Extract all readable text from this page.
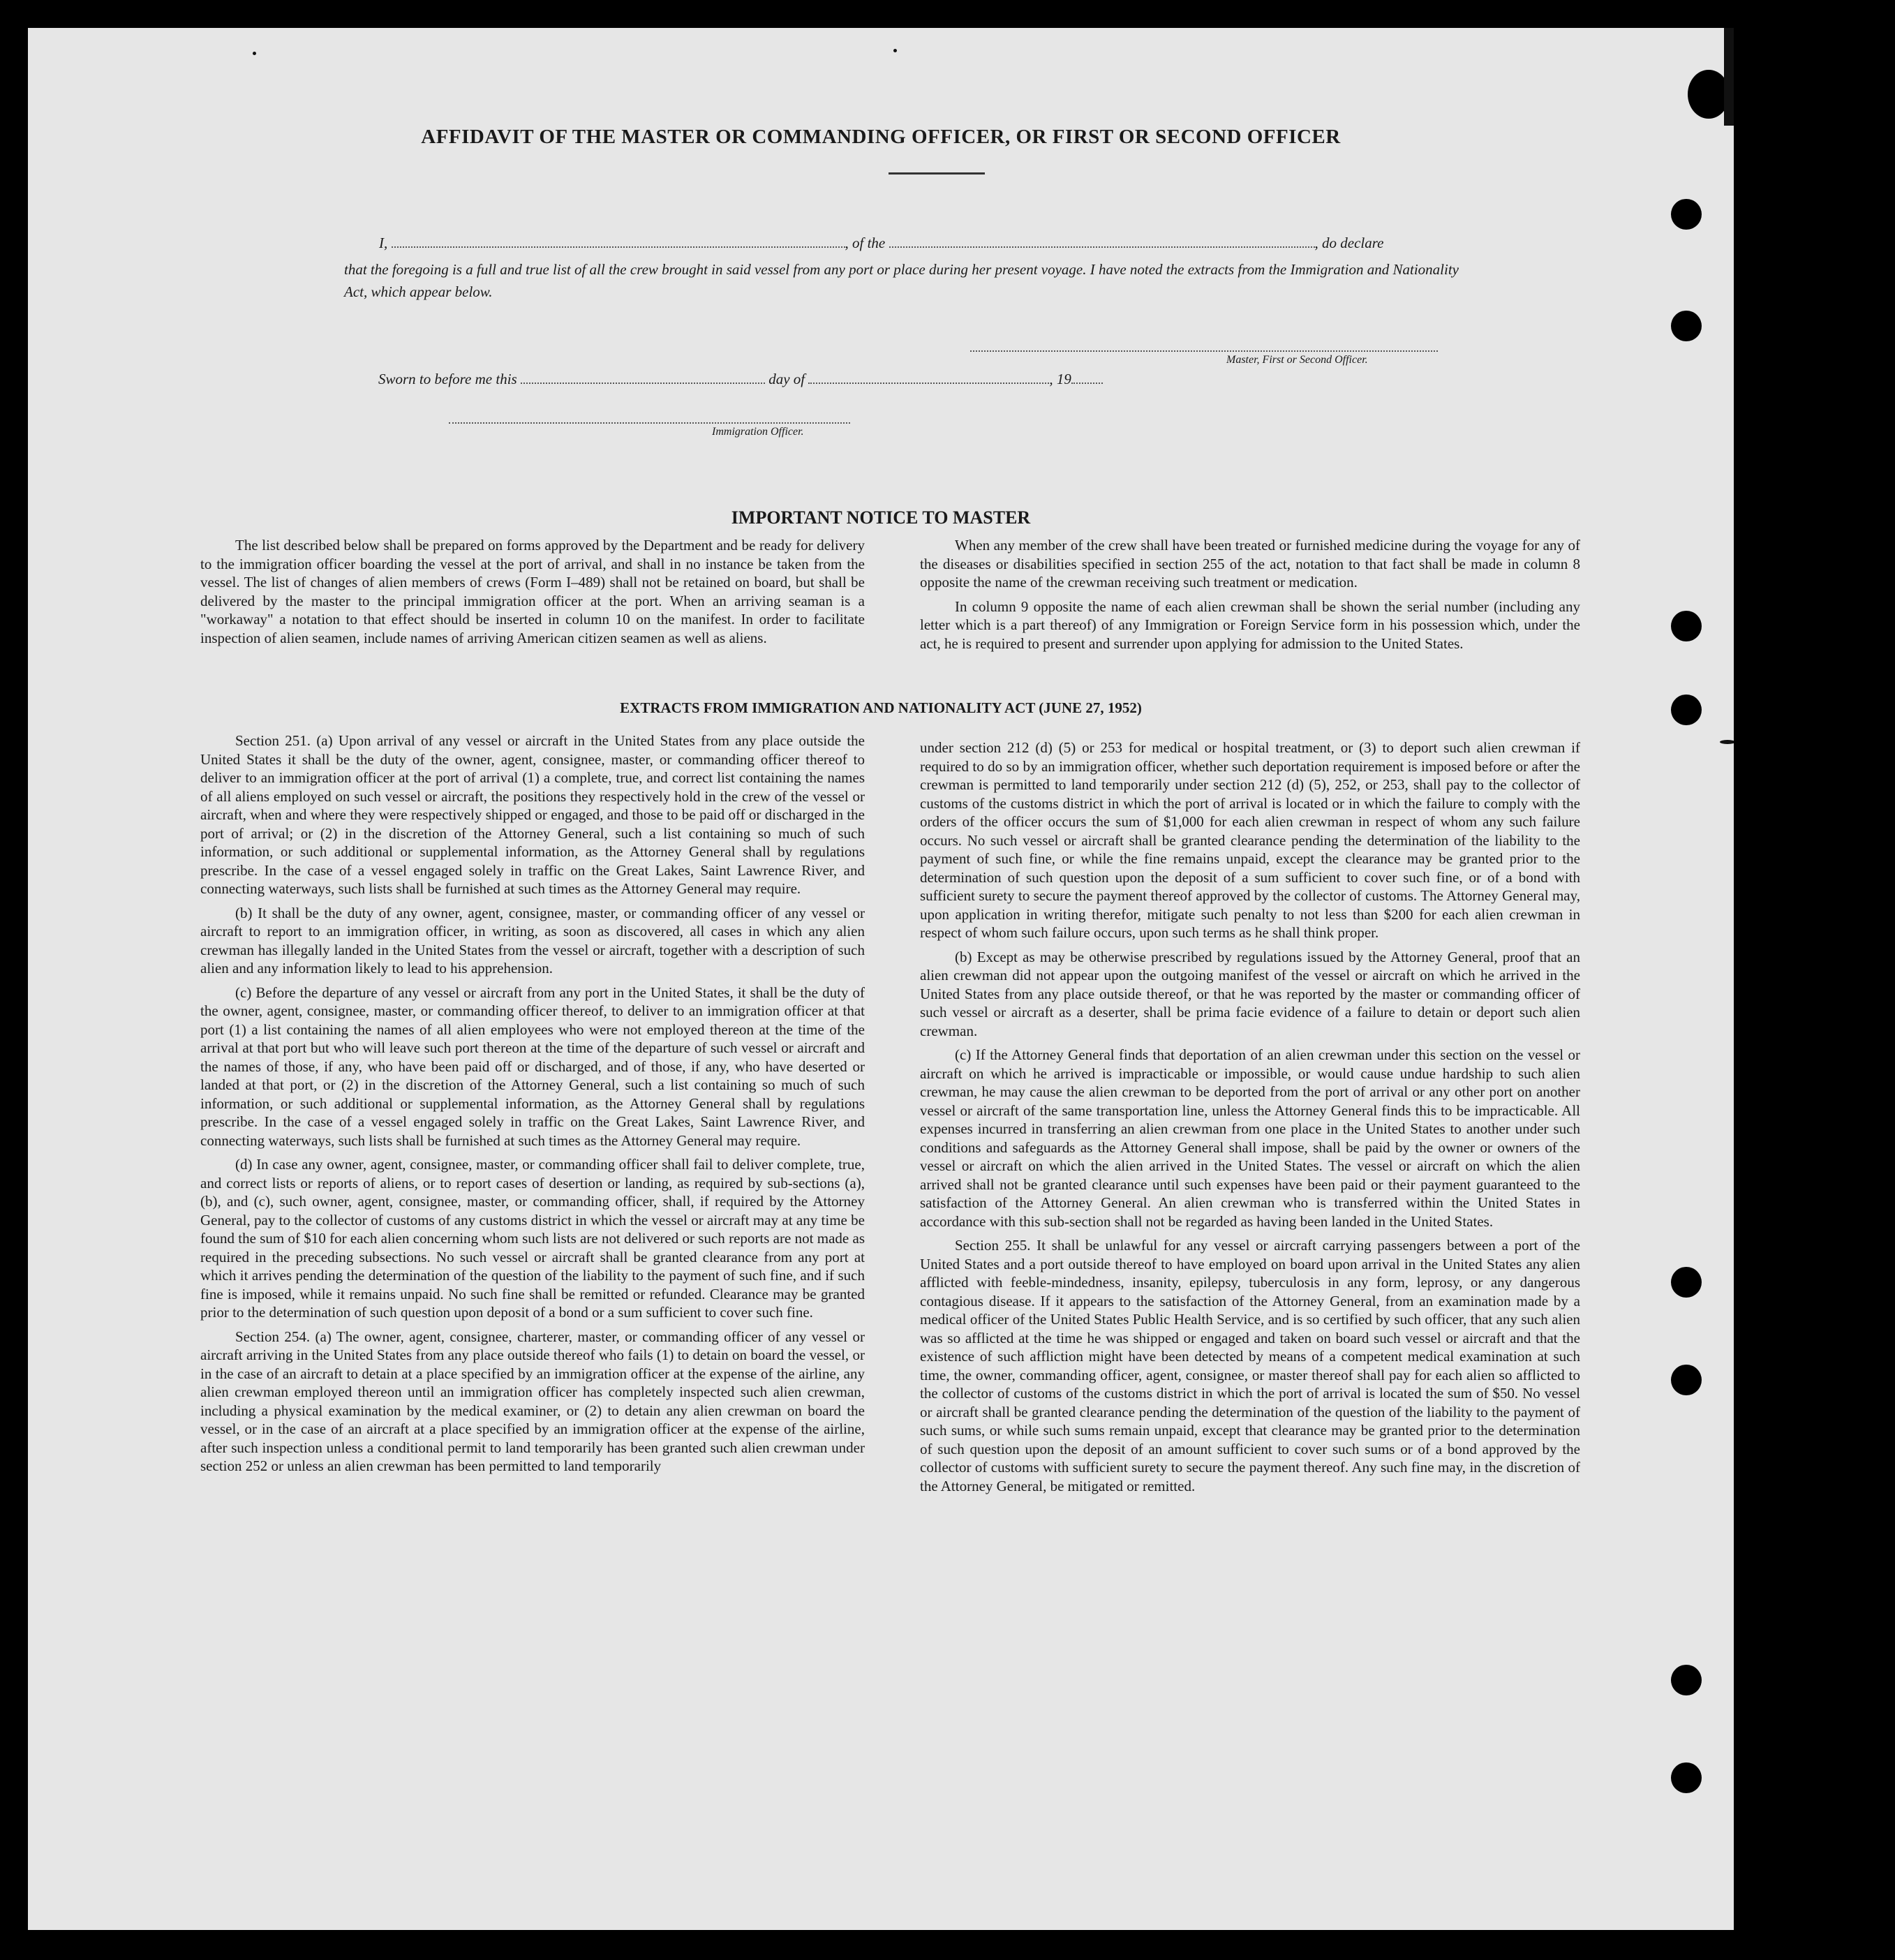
AFFIDAVIT OF THE MASTER OR COMMANDING OFFICER, OR FIRST OR SECOND OFFICER
I,	, of the	, do declare
that the foregoing is a full and true list of all the crew brought in said vessel from any port or place during her present voyage. I have noted the extracts from the Immigration and Nationality Act, which appear below.
Master, First or Second Officer.
Sworn to before me this	day of	, 19
Immigration Officer.
IMPORTANT NOTICE TO MASTER

The list described below shall be prepared on forms approved by the Department and be ready for delivery to the immigration officer boarding the vessel at the port of arrival, and shall in no instance be taken from the vessel. The list of changes of alien members of crews (Form I–489) shall not be retained on board, but shall be delivered by the master to the principal immigration officer at the port. When an arriving seaman is a "workaway" a notation to that effect should be inserted in column 10 on the manifest. In order to facilitate inspection of alien seamen, include names of arriving American citizen seamen as well as aliens.

When any member of the crew shall have been treated or furnished medicine during the voyage for any of the diseases or disabilities specified in section 255 of the act, notation to that fact shall be made in column 8 opposite the name of the crewman receiving such treatment or medication.

In column 9 opposite the name of each alien crewman shall be shown the serial number (including any letter which is a part thereof) of any Immigration or Foreign Service form in his possession which, under the act, he is required to present and surrender upon applying for admission to the United States.

EXTRACTS FROM IMMIGRATION AND NATIONALITY ACT (JUNE 27, 1952)

Section 251. (a) Upon arrival of any vessel or aircraft in the United States from any place outside the United States it shall be the duty of the owner, agent, consignee, master, or commanding officer thereof to deliver to an immigration officer at the port of arrival (1) a complete, true, and correct list containing the names of all aliens employed on such vessel or aircraft, the positions they respectively hold in the crew of the vessel or aircraft, when and where they were respectively shipped or engaged, and those to be paid off or discharged in the port of arrival; or (2) in the discretion of the Attorney General, such a list containing so much of such information, or such additional or supplemental information, as the Attorney General shall by regulations prescribe. In the case of a vessel engaged solely in traffic on the Great Lakes, Saint Lawrence River, and connecting waterways, such lists shall be furnished at such times as the Attorney General may require.

(b) It shall be the duty of any owner, agent, consignee, master, or commanding officer of any vessel or aircraft to report to an immigration officer, in writing, as soon as discovered, all cases in which any alien crewman has illegally landed in the United States from the vessel or aircraft, together with a description of such alien and any information likely to lead to his apprehension.

(c) Before the departure of any vessel or aircraft from any port in the United States, it shall be the duty of the owner, agent, consignee, master, or commanding officer thereof, to deliver to an immigration officer at that port (1) a list containing the names of all alien employees who were not employed thereon at the time of the arrival at that port but who will leave such port thereon at the time of the departure of such vessel or aircraft and the names of those, if any, who have been paid off or discharged, and of those, if any, who have deserted or landed at that port, or (2) in the discretion of the Attorney General, such a list containing so much of such information, or such additional or supplemental information, as the Attorney General shall by regulations prescribe. In the case of a vessel engaged solely in traffic on the Great Lakes, Saint Lawrence River, and connecting waterways, such lists shall be furnished at such times as the Attorney General may require.

(d) In case any owner, agent, consignee, master, or commanding officer shall fail to deliver complete, true, and correct lists or reports of aliens, or to report cases of desertion or landing, as required by sub-sections (a), (b), and (c), such owner, agent, consignee, master, or commanding officer, shall, if required by the Attorney General, pay to the collector of customs of any customs district in which the vessel or aircraft may at any time be found the sum of $10 for each alien concerning whom such lists are not delivered or such reports are not made as required in the preceding subsections. No such vessel or aircraft shall be granted clearance from any port at which it arrives pending the determination of the question of the liability to the payment of such fine, and if such fine is imposed, while it remains unpaid. No such fine shall be remitted or refunded. Clearance may be granted prior to the determination of such question upon deposit of a bond or a sum sufficient to cover such fine.

Section 254. (a) The owner, agent, consignee, charterer, master, or commanding officer of any vessel or aircraft arriving in the United States from any place outside thereof who fails (1) to detain on board the vessel, or in the case of an aircraft to detain at a place specified by an immigration officer at the expense of the airline, any alien crewman employed thereon until an immigration officer has completely inspected such alien crewman, including a physical examination by the medical examiner, or (2) to detain any alien crewman on board the vessel, or in the case of an aircraft at a place specified by an immigration officer at the expense of the airline, after such inspection unless a conditional permit to land temporarily has been granted such alien crewman under section 252 or unless an alien crewman has been permitted to land temporarily

under section 212 (d) (5) or 253 for medical or hospital treatment, or (3) to deport such alien crewman if required to do so by an immigration officer, whether such deportation requirement is imposed before or after the crewman is permitted to land temporarily under section 212 (d) (5), 252, or 253, shall pay to the collector of customs of the customs district in which the port of arrival is located or in which the failure to comply with the orders of the officer occurs the sum of $1,000 for each alien crewman in respect of whom any such failure occurs. No such vessel or aircraft shall be granted clearance pending the determination of the liability to the payment of such fine, or while the fine remains unpaid, except the clearance may be granted prior to the determination of such question upon the deposit of a sum sufficient to cover such fine, or of a bond with sufficient surety to secure the payment thereof approved by the collector of customs. The Attorney General may, upon application in writing therefor, mitigate such penalty to not less than $200 for each alien crewman in respect of whom such failure occurs, upon such terms as he shall think proper.

(b) Except as may be otherwise prescribed by regulations issued by the Attorney General, proof that an alien crewman did not appear upon the outgoing manifest of the vessel or aircraft on which he arrived in the United States from any place outside thereof, or that he was reported by the master or commanding officer of such vessel or aircraft as a deserter, shall be prima facie evidence of a failure to detain or deport such alien crewman.

(c) If the Attorney General finds that deportation of an alien crewman under this section on the vessel or aircraft on which he arrived is impracticable or impossible, or would cause undue hardship to such alien crewman, he may cause the alien crewman to be deported from the port of arrival or any other port on another vessel or aircraft of the same transportation line, unless the Attorney General finds this to be impracticable. All expenses incurred in transferring an alien crewman from one place in the United States to another under such conditions and safeguards as the Attorney General shall impose, shall be paid by the owner or owners of the vessel or aircraft on which the alien arrived in the United States. The vessel or aircraft on which the alien arrived shall not be granted clearance until such expenses have been paid or their payment guaranteed to the satisfaction of the Attorney General. An alien crewman who is transferred within the United States in accordance with this sub-section shall not be regarded as having been landed in the United States.

Section 255. It shall be unlawful for any vessel or aircraft carrying passengers between a port of the United States and a port outside thereof to have employed on board upon arrival in the United States any alien afflicted with feeble-mindedness, insanity, epilepsy, tuberculosis in any form, leprosy, or any dangerous contagious disease. If it appears to the satisfaction of the Attorney General, from an examination made by a medical officer of the United States Public Health Service, and is so certified by such officer, that any such alien was so afflicted at the time he was shipped or engaged and taken on board such vessel or aircraft and that the existence of such affliction might have been detected by means of a competent medical examination at such time, the owner, commanding officer, agent, consignee, or master thereof shall pay for each alien so afflicted to the collector of customs of the customs district in which the port of arrival is located the sum of $50. No vessel or aircraft shall be granted clearance pending the determination of the question of the liability to the payment of such sums, or while such sums remain unpaid, except that clearance may be granted prior to the determination of such question upon the deposit of an amount sufficient to cover such sums or of a bond approved by the collector of customs with sufficient surety to secure the payment thereof. Any such fine may, in the discretion of the Attorney General, be mitigated or remitted.
